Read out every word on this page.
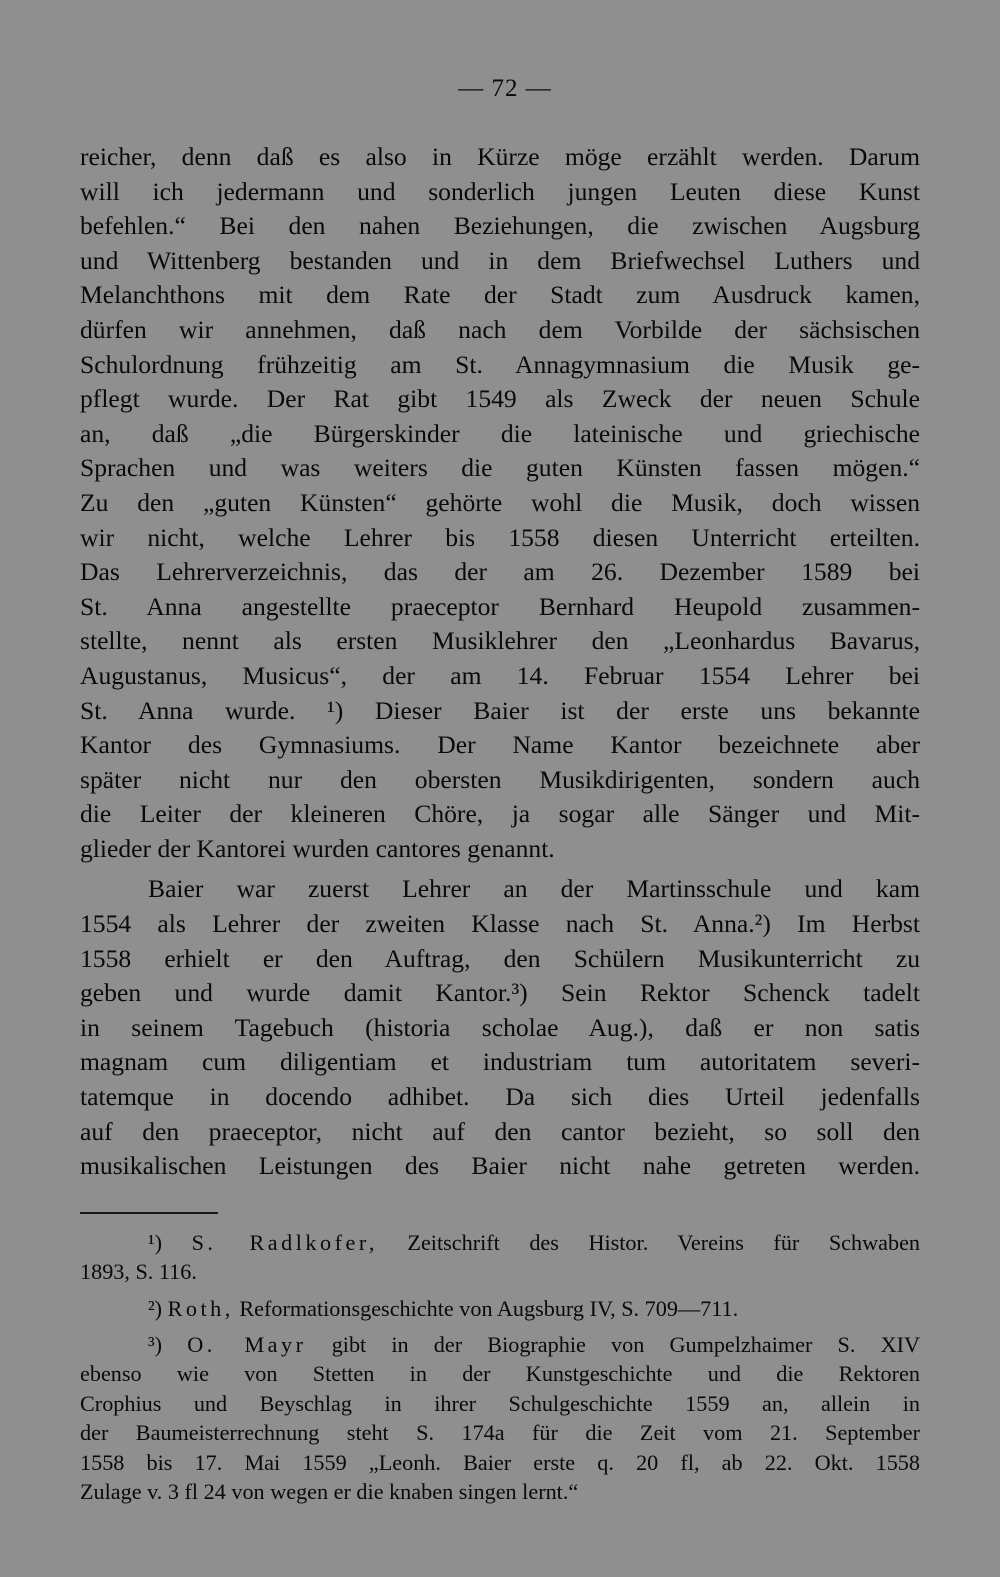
— 72 —
reicher, denn daß es also in Kürze möge erzählt werden. Darum
will ich jedermann und sonderlich jungen Leuten diese Kunst
befehlen.“ Bei den nahen Beziehungen, die zwischen Augsburg
und Wittenberg bestanden und in dem Briefwechsel Luthers und
Melanchthons mit dem Rate der Stadt zum Ausdruck kamen,
dürfen wir annehmen, daß nach dem Vorbilde der sächsischen
Schulordnung frühzeitig am St. Annagymnasium die Musik ge-
pflegt wurde. Der Rat gibt 1549 als Zweck der neuen Schule
an, daß „die Bürgerskinder die lateinische und griechische
Sprachen und was weiters die guten Künsten fassen mögen.“
Zu den „guten Künsten“ gehörte wohl die Musik, doch wissen
wir nicht, welche Lehrer bis 1558 diesen Unterricht erteilten.
Das Lehrerverzeichnis, das der am 26. Dezember 1589 bei
St. Anna angestellte praeceptor Bernhard Heupold zusammen-
stellte, nennt als ersten Musiklehrer den „Leonhardus Bavarus,
Augustanus, Musicus“, der am 14. Februar 1554 Lehrer bei
St. Anna wurde. ¹) Dieser Baier ist der erste uns bekannte
Kantor des Gymnasiums. Der Name Kantor bezeichnete aber
später nicht nur den obersten Musikdirigenten, sondern auch
die Leiter der kleineren Chöre, ja sogar alle Sänger und Mit-
glieder der Kantorei wurden cantores genannt.
Baier war zuerst Lehrer an der Martinsschule und kam
1554 als Lehrer der zweiten Klasse nach St. Anna.²) Im Herbst
1558 erhielt er den Auftrag, den Schülern Musikunterricht zu
geben und wurde damit Kantor.³) Sein Rektor Schenck tadelt
in seinem Tagebuch (historia scholae Aug.), daß er non satis
magnam cum diligentiam et industriam tum autoritatem severi-
tatemque in docendo adhibet. Da sich dies Urteil jedenfalls
auf den praeceptor, nicht auf den cantor bezieht, so soll den
musikalischen Leistungen des Baier nicht nahe getreten werden.
¹) S. Radlkofer, Zeitschrift des Histor. Vereins für Schwaben
1893, S. 116.
²) Roth, Reformationsgeschichte von Augsburg IV, S. 709—711.
³) O. Mayr gibt in der Biographie von Gumpelzhaimer S. XIV
ebenso wie von Stetten in der Kunstgeschichte und die Rektoren
Crophius und Beyschlag in ihrer Schulgeschichte 1559 an, allein in
der Baumeisterrechnung steht S. 174a für die Zeit vom 21. September
1558 bis 17. Mai 1559 „Leonh. Baier erste q. 20 fl, ab 22. Okt. 1558
Zulage v. 3 fl 24 von wegen er die knaben singen lernt.“
